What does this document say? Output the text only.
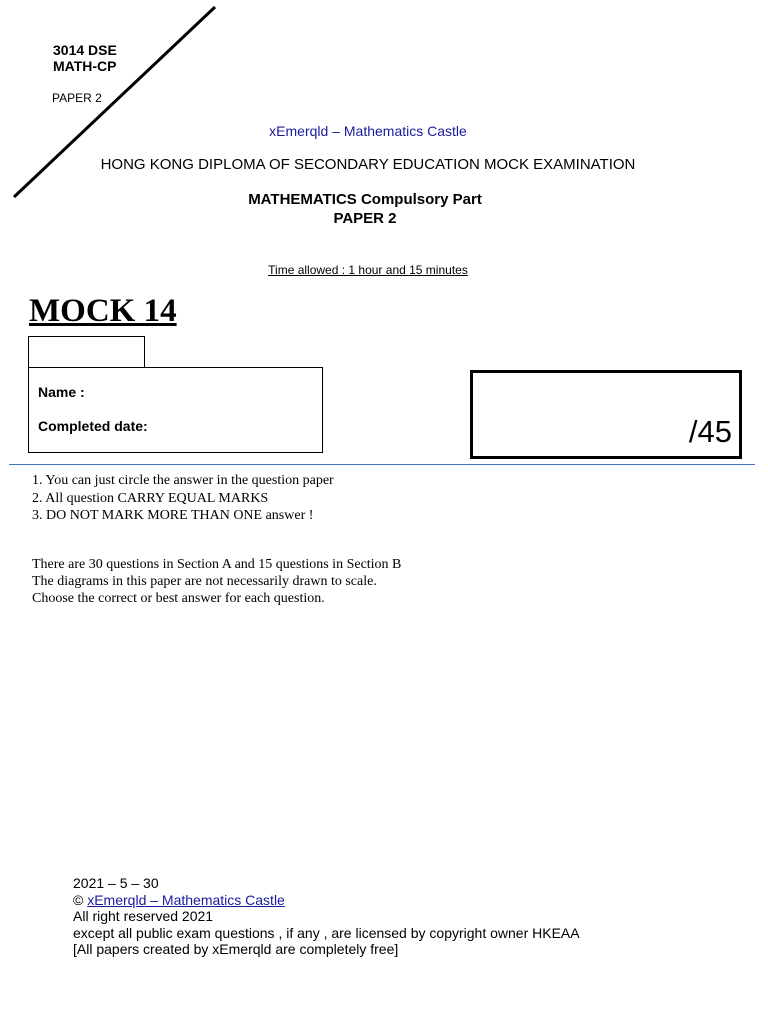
3014 DSE
MATH-CP
PAPER 2
xEmerqld – Mathematics Castle
HONG KONG DIPLOMA OF SECONDARY EDUCATION MOCK EXAMINATION
MATHEMATICS Compulsory Part
PAPER 2
Time allowed : 1 hour and 15 minutes
MOCK 14
Name :
Completed date:	/45
1. You can just circle the answer in the question paper
2. All question CARRY EQUAL MARKS
3. DO NOT MARK MORE THAN ONE answer !
There are 30 questions in Section A and 15 questions in Section B
The diagrams in this paper are not necessarily drawn to scale.
Choose the correct or best answer for each question.
2021 – 5 – 30
© xEmerqld – Mathematics Castle
All right reserved 2021
except all public exam questions , if any , are licensed by copyright owner HKEAA
[All papers created by xEmerqld are completely free]
